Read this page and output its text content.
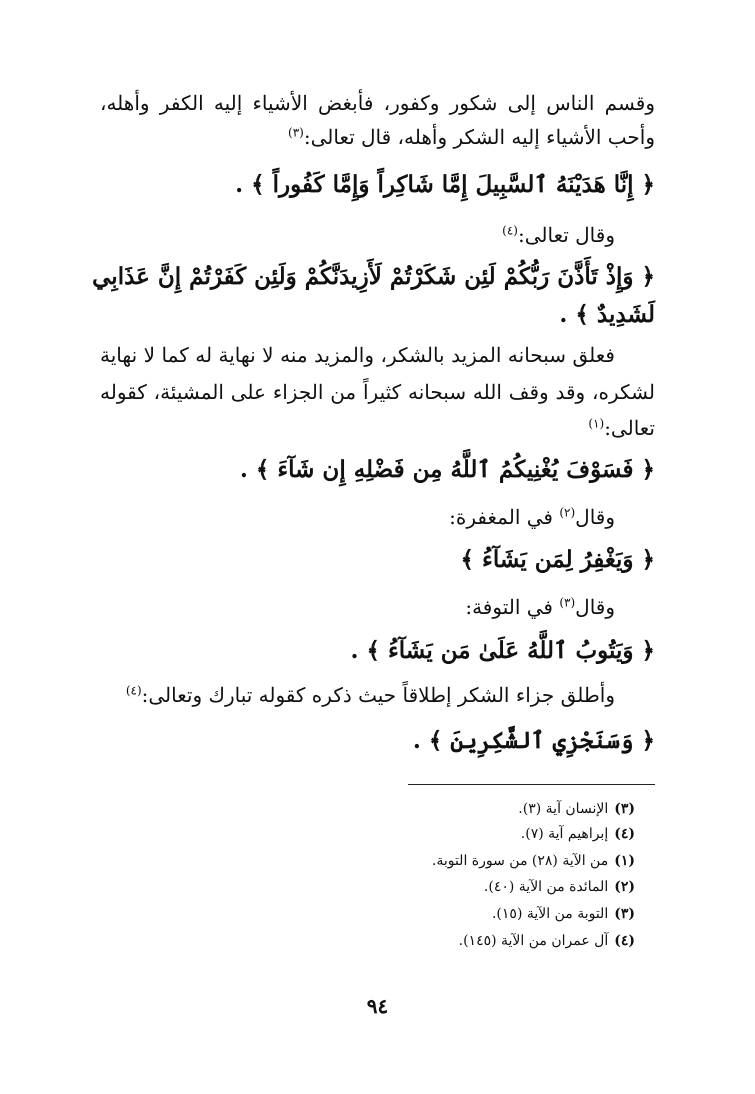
وقسم الناس إلى شكور وكفور، فأبغض الأشياء إليه الكفر وأهله،
وأحب الأشياء إليه الشكر وأهله، قال تعالى:$^{(٣)}$
﴿ إِنَّا هَدَيْنَهُ ٱلسَّبِيلَ إِمَّا شَاكِراً وَإِمَّا كَفُوراً ﴾ .
وقال تعالى:$^{(٤)}$
﴿ وَإِذْ تَأَذَّنَ رَبُّكُمْ لَئِن شَكَرْتُمْ لَأَزِيدَنَّكُمْ وَلَئِن كَفَرْتُمْ إِنَّ عَذَابِي
لَشَدِيدٌ ﴾ .
فعلق سبحانه المزيد بالشكر، والمزيد منه لا نهاية له كما لا نهاية
لشكره، وقد وقف الله سبحانه كثيراً من الجزاء على المشيئة، كقوله
تعالى:$^{(١)}$
﴿ فَسَوْفَ يُغْنِيكُمُ ٱللَّهُ مِن فَضْلِهِ إِن شَآءَ ﴾ .
وقال$^{(٢)}$ في المغفرة:
﴿ وَيَغْفِرُ لِمَن يَشَآءُ ﴾
وقال$^{(٣)}$ في التوفة:
﴿ وَيَتُوبُ ٱللَّهُ عَلَىٰ مَن يَشَآءُ ﴾ .
وأطلق جزاء الشكر إطلاقاً حيث ذكره كقوله تبارك وتعالى:$^{(٤)}$
﴿ وَسَنَجْزِي ٱلشَّكِرِينَ ﴾ .
(٣)الإنسان آية (٣).
(٤)إبراهيم آية (٧).
(١)من الآية (٢٨) من سورة التوبة.
(٢)المائدة من الآية (٤٠).
(٣)التوبة من الآية (١٥).
(٤)آل عمران من الآية (١٤٥).
٩٤
